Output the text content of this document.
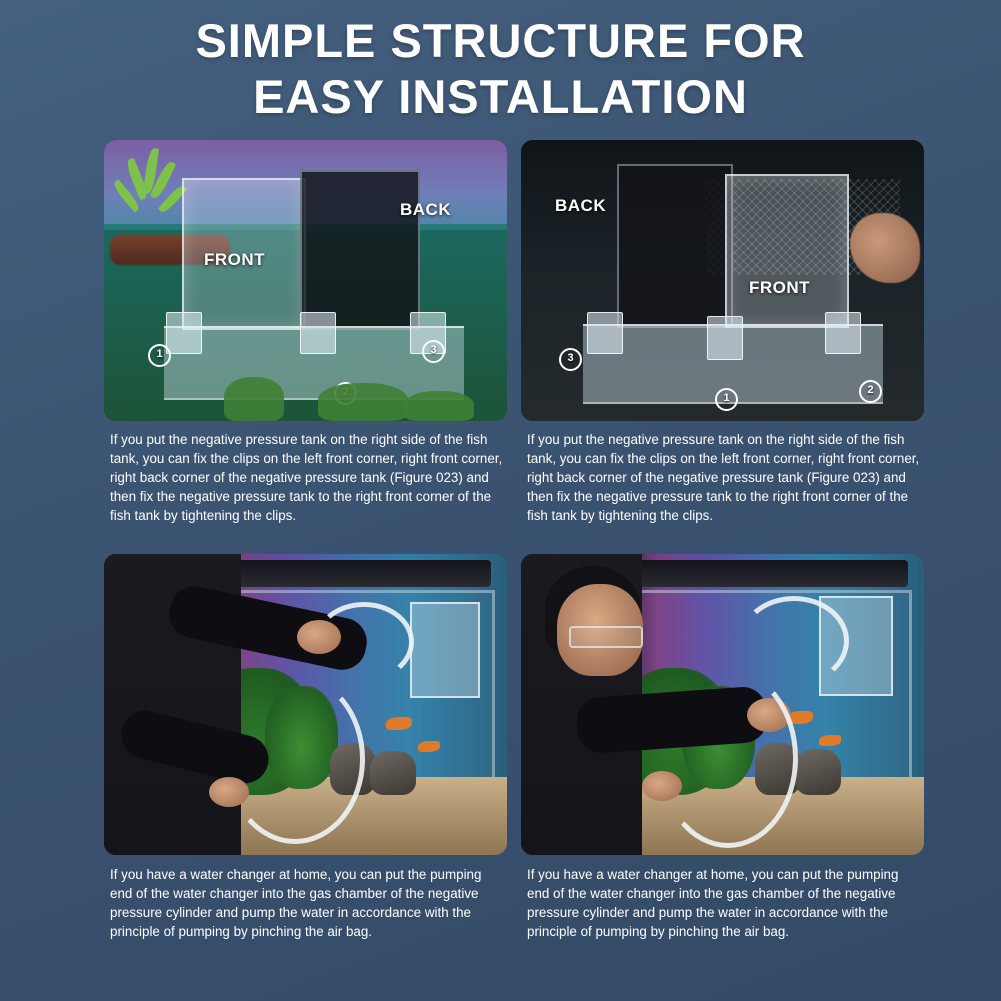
SIMPLE STRUCTURE FOR
EASY INSTALLATION
FRONT
BACK
1	3
If you put the negative pressure tank on the right side of the fish tank, you can fix the clips on the left front corner, right front corner, right back corner of the negative pressure tank (Figure 023) and then fix the negative pressure tank to the right front corner of the fish tank by tightening the clips.
BACK
FRONT
3
1
2
If you put the negative pressure tank on the right side of the fish tank, you can fix the clips on the left front corner, right front corner, right back corner of the negative pressure tank (Figure 023) and then fix the negative pressure tank to the right front corner of the fish tank by tightening the clips.
If you have a water changer at home, you can put the pumping end of the water changer into the gas chamber of the negative pressure cylinder and pump the water in accordance with the principle of pumping by pinching the air bag.
If you have a water changer at home, you can put the pumping end of the water changer into the gas chamber of the negative pressure cylinder and pump the water in accordance with the principle of pumping by pinching the air bag.
